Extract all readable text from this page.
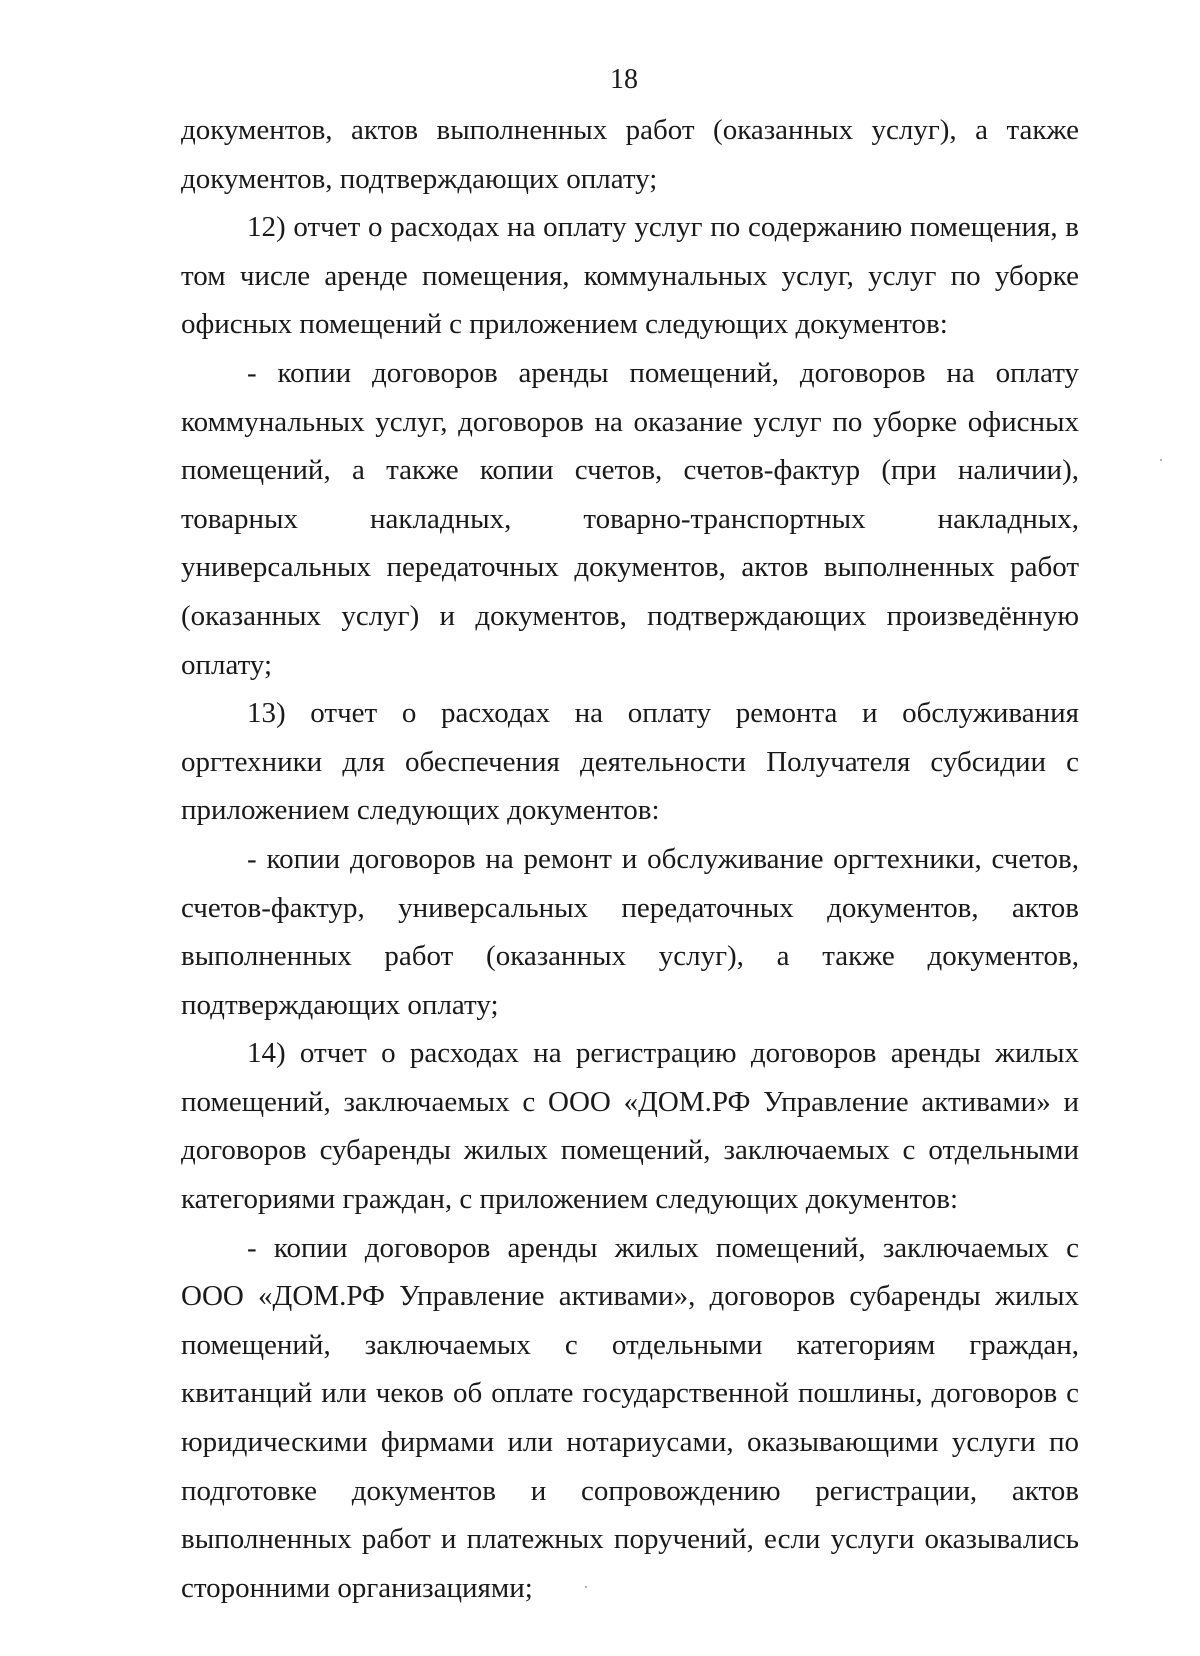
18

документов, актов выполненных работ (оказанных услуг), а также документов, подтверждающих оплату;

12) отчет о расходах на оплату услуг по содержанию помещения, в том числе аренде помещения, коммунальных услуг, услуг по уборке офисных помещений с приложением следующих документов:

- копии договоров аренды помещений, договоров на оплату коммунальных услуг, договоров на оказание услуг по уборке офисных помещений, а также копии счетов, счетов-фактур (при наличии), товарных накладных, товарно-транспортных накладных, универсальных передаточных документов, актов выполненных работ (оказанных услуг) и документов, подтверждающих произведённую оплату;

13) отчет о расходах на оплату ремонта и обслуживания оргтехники для обеспечения деятельности Получателя субсидии с приложением следующих документов:

- копии договоров на ремонт и обслуживание оргтехники, счетов, счетов-фактур, универсальных передаточных документов, актов выполненных работ (оказанных услуг), а также документов, подтверждающих оплату;

14) отчет о расходах на регистрацию договоров аренды жилых помещений, заключаемых с ООО «ДОМ.РФ Управление активами» и договоров субаренды жилых помещений, заключаемых с отдельными категориями граждан, с приложением следующих документов:

- копии договоров аренды жилых помещений, заключаемых с ООО «ДОМ.РФ Управление активами», договоров субаренды жилых помещений, заключаемых с отдельными категориям граждан, квитанций или чеков об оплате государственной пошлины, договоров с юридическими фирмами или нотариусами, оказывающими услуги по подготовке документов и сопровождению регистрации, актов выполненных работ и платежных поручений, если услуги оказывались сторонними организациями;
